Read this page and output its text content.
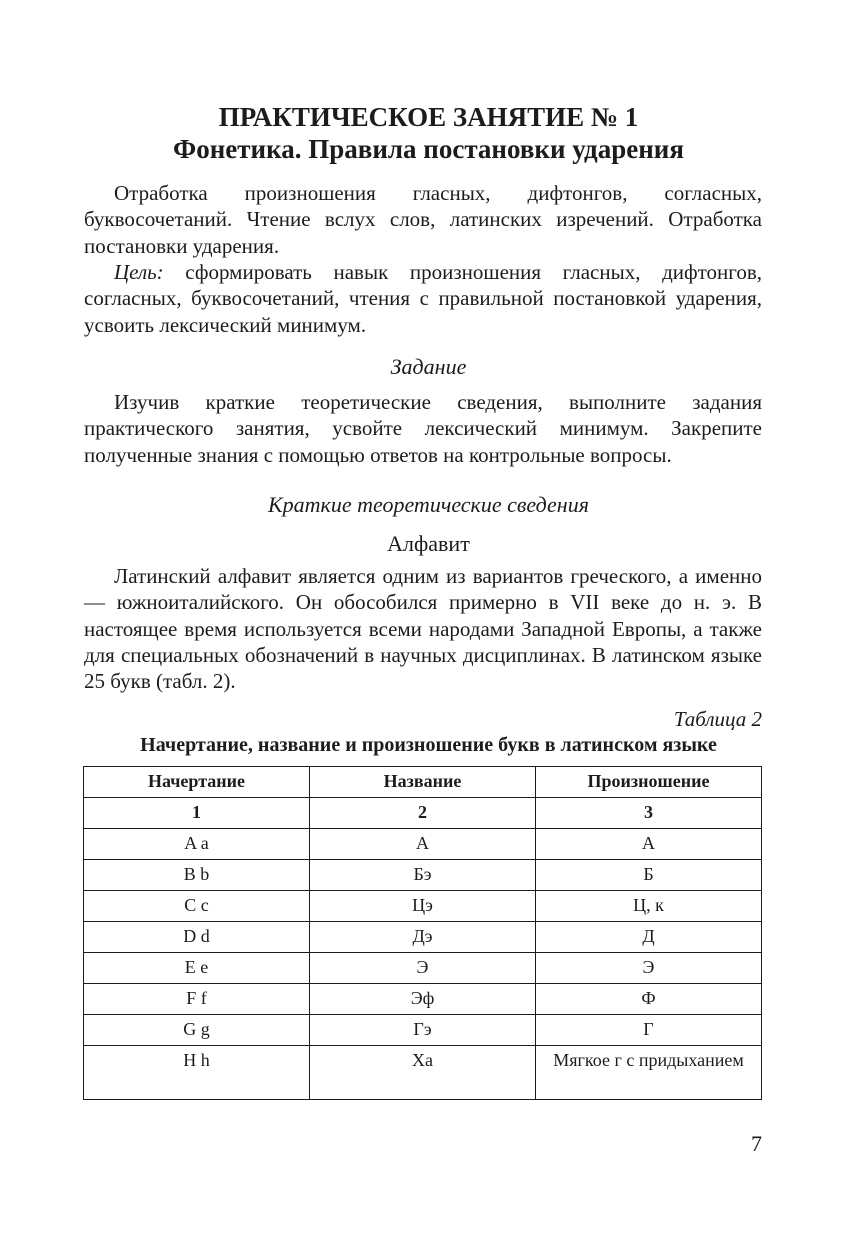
ПРАКТИЧЕСКОЕ ЗАНЯТИЕ № 1
Фонетика. Правила постановки ударения
Отработка произношения гласных, дифтонгов, согласных, буквосочетаний. Чтение вслух слов, латинских изречений. Отработка постановки ударения.
Цель: сформировать навык произношения гласных, дифтонгов, согласных, буквосочетаний, чтения с правильной постановкой ударения, усвоить лексический минимум.
Задание
Изучив краткие теоретические сведения, выполните задания практического занятия, усвойте лексический минимум. Закрепите полученные знания с помощью ответов на контрольные вопросы.
Краткие теоретические сведения
Алфавит
Латинский алфавит является одним из вариантов греческого, а именно — южноиталийского. Он обособился примерно в VII веке до н. э. В настоящее время используется всеми народами Западной Европы, а также для специальных обозначений в научных дисциплинах. В латинском языке 25 букв (табл. 2).
Таблица 2
Начертание, название и произношение букв в латинском языке
Начертание	Название	Произношение
1	2	3
A a	А	А
B b	Бэ	Б
C c	Цэ	Ц, к
D d	Дэ	Д
E e	Э	Э
F f	Эф	Ф
G g	Гэ	Г
H h	Ха	Мягкое г с придыханием
7
